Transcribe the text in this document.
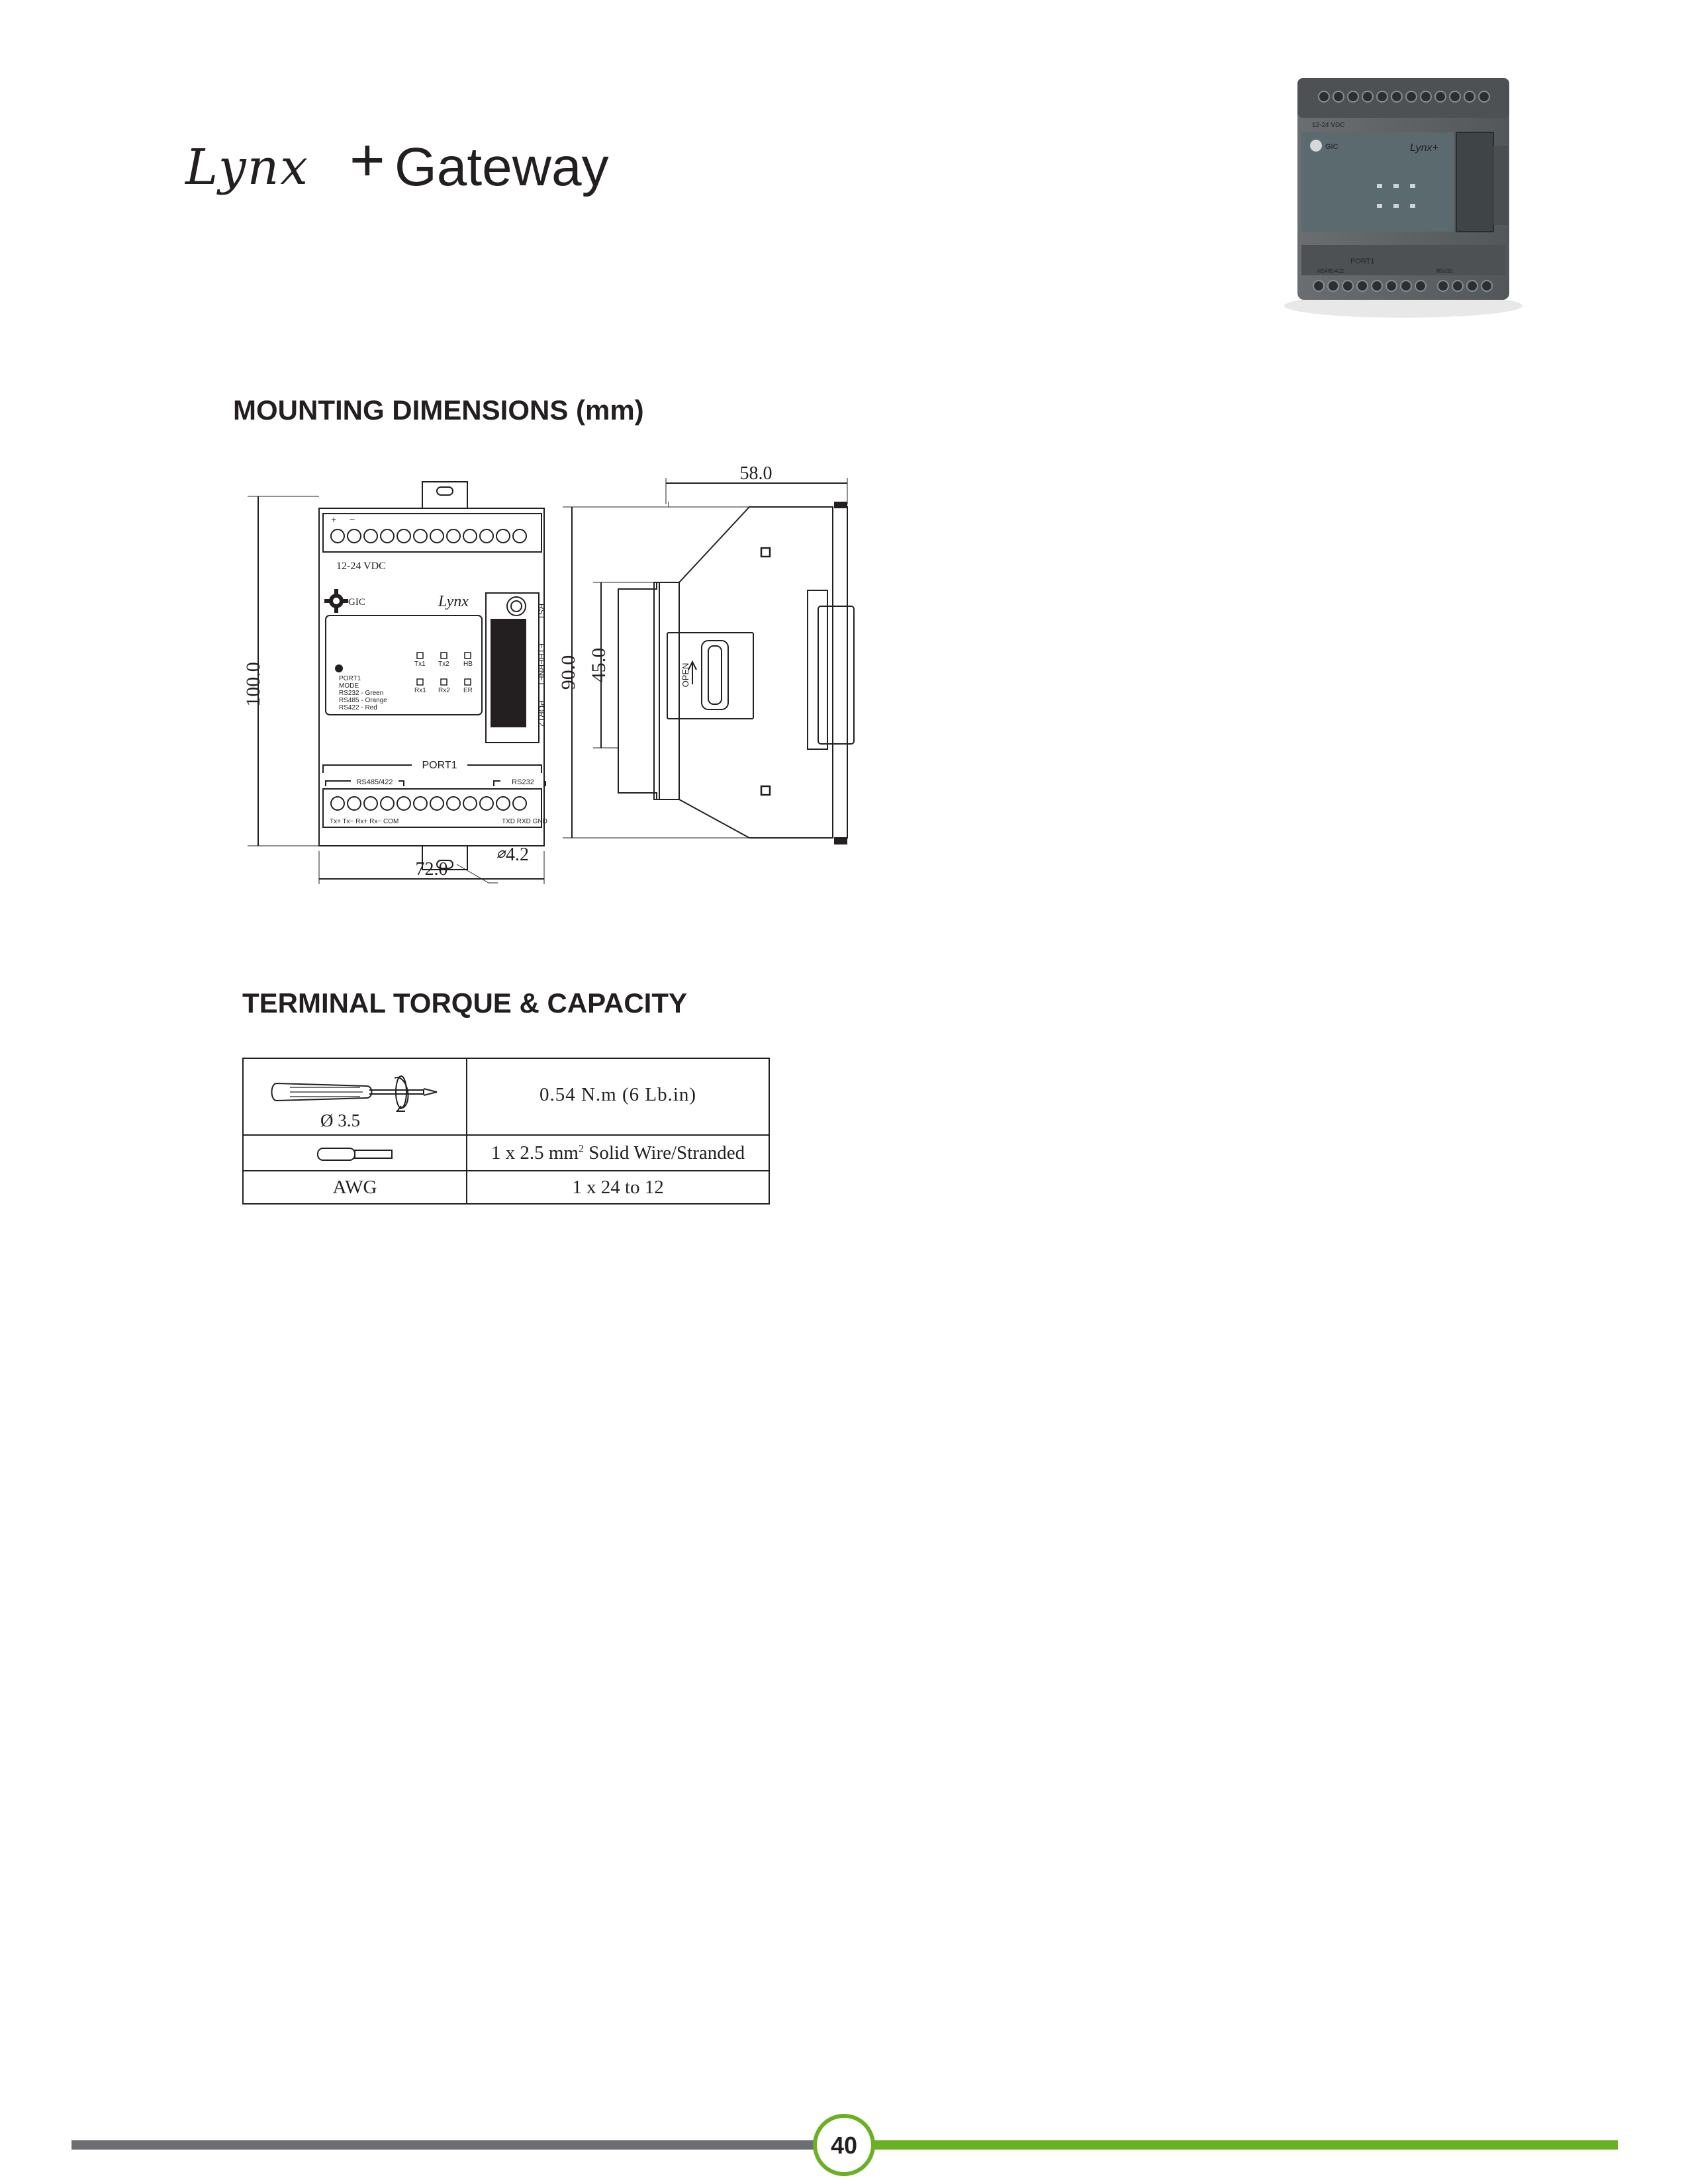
Lynx + Gateway
12-24 VDC
GIC	Lynx+
PORT1
RS485/422	RS232
MOUNTING DIMENSIONS (mm)
100.0
72.0
⌀ 4.2
+ −
12-24 VDC
GIC	Lynx
Tx1 Tx2 HB
Rx1 Rx2 ER
PORT1
MODE
RS232 - Green
RS485 - Orange
RS422 - Red
RST
ETHERNET
PORT2
PORT1
RS485/422	RS232
Tx+ Tx− Rx+ Rx− COM	TXD RXD GND
58.0
90.0 45.0	OPEN
TERMINAL TORQUE & CAPACITY
Ø 3.5	0.54 N.m (6 Lb.in)
	1 x 2.5 $mm^2$ Solid Wire/Stranded
AWG	1 x 24 to 12
40
